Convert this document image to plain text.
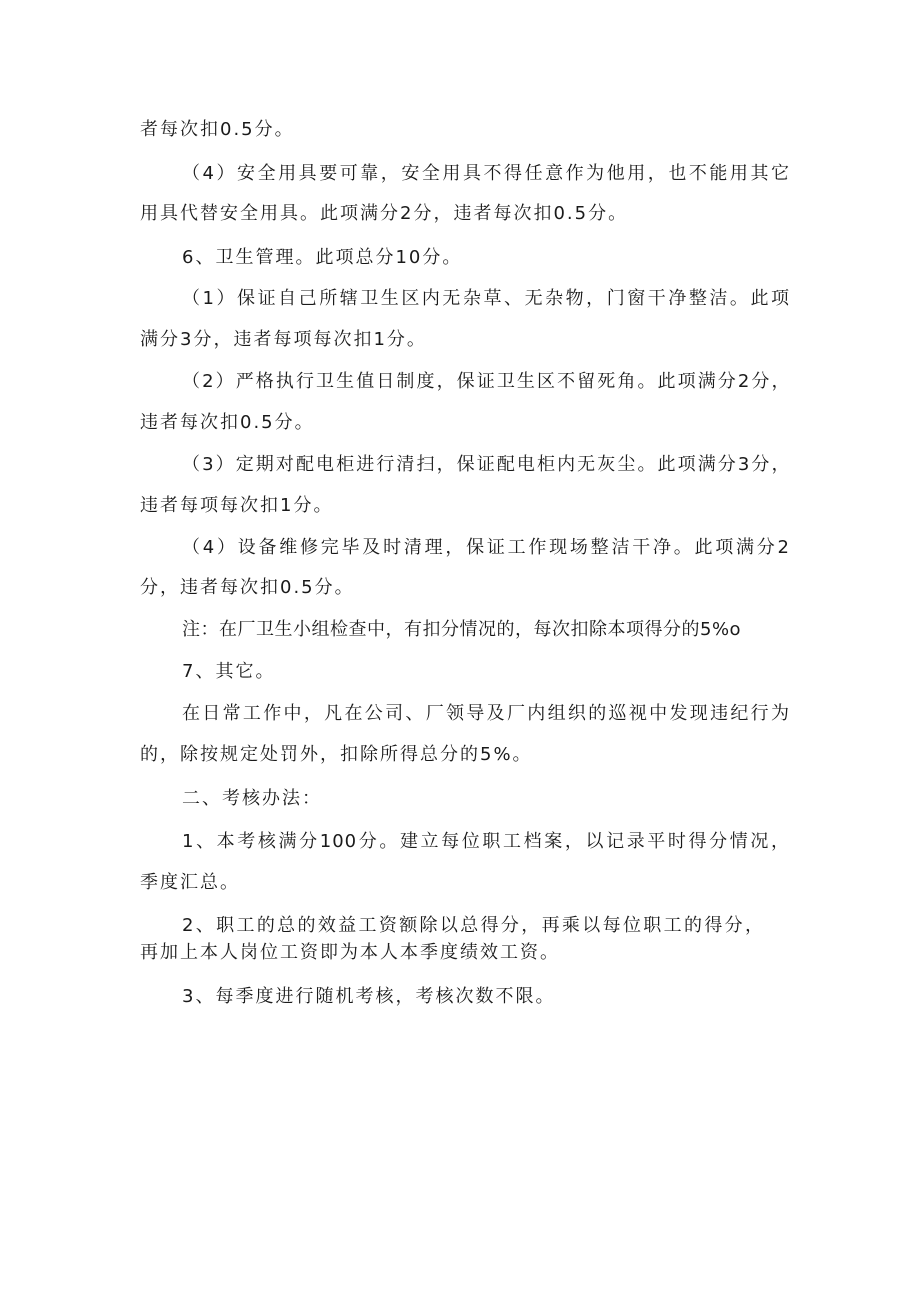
者每次扣0.5分。
（4）安全用具要可靠，安全用具不得任意作为他用，也不能用其它
用具代替安全用具。此项满分2分，违者每次扣0.5分。
6、卫生管理。此项总分10分。
（1）保证自己所辖卫生区内无杂草、无杂物，门窗干净整洁。此项
满分3分，违者每项每次扣1分。
（2）严格执行卫生值日制度，保证卫生区不留死角。此项满分2分，
违者每次扣0.5分。
（3）定期对配电柜进行清扫，保证配电柜内无灰尘。此项满分3分，
违者每项每次扣1分。
（4）设备维修完毕及时清理，保证工作现场整洁干净。此项满分2
分，违者每次扣0.5分。
注：在厂卫生小组检查中，有扣分情况的，每次扣除本项得分的5%o
7、其它。
在日常工作中，凡在公司、厂领导及厂内组织的巡视中发现违纪行为
的，除按规定处罚外，扣除所得总分的5%。
二、考核办法：
1、本考核满分100分。建立每位职工档案，以记录平时得分情况，
季度汇总。
2、职工的总的效益工资额除以总得分，再乘以每位职工的得分，
再加上本人岗位工资即为本人本季度绩效工资。
3、每季度进行随机考核，考核次数不限。
